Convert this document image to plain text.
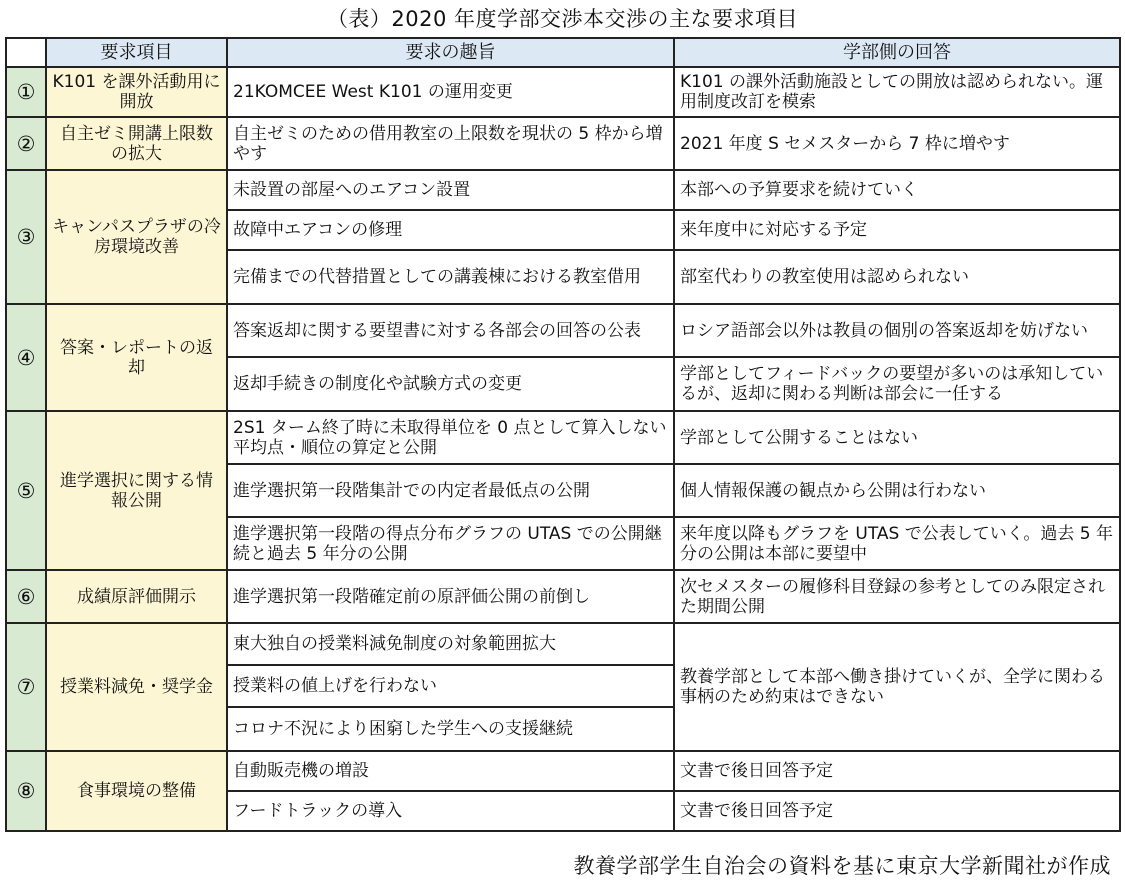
（表）2020 年度学部交渉本交渉の主な要求項目
	要求項目	要求の趣旨	学部側の回答
①	K101 を課外活動用に開放	21KOMCEE West K101 の運用変更	K101 の課外活動施設としての開放は認められない。運用制度改訂を模索
②	自主ゼミ開講上限数の拡大	自主ゼミのための借用教室の上限数を現状の 5 枠から増やす	2021 年度 S セメスターから 7 枠に増やす
③	キャンパスプラザの冷房環境改善	未設置の部屋へのエアコン設置	本部への予算要求を続けていく
		故障中エアコンの修理	来年度中に対応する予定
		完備までの代替措置としての講義棟における教室借用	部室代わりの教室使用は認められない
④	答案・レポートの返却	答案返却に関する要望書に対する各部会の回答の公表	ロシア語部会以外は教員の個別の答案返却を妨げない
		返却手続きの制度化や試験方式の変更	学部としてフィードバックの要望が多いのは承知しているが、返却に関わる判断は部会に一任する
⑤	進学選択に関する情報公開	2S1 ターム終了時に未取得単位を 0 点として算入しない平均点・順位の算定と公開	学部として公開することはない
		進学選択第一段階集計での内定者最低点の公開	個人情報保護の観点から公開は行わない
		進学選択第一段階の得点分布グラフの UTAS での公開継続と過去 5 年分の公開	来年度以降もグラフを UTAS で公表していく。過去 5 年分の公開は本部に要望中
⑥	成績原評価開示	進学選択第一段階確定前の原評価公開の前倒し	次セメスターの履修科目登録の参考としてのみ限定された期間公開
⑦	授業料減免・奨学金	東大独自の授業料減免制度の対象範囲拡大	教養学部として本部へ働き掛けていくが、全学に関わる事柄のため約束はできない
		授業料の値上げを行わない	
		コロナ不況により困窮した学生への支援継続	
⑧	食事環境の整備	自動販売機の増設	文書で後日回答予定
		フードトラックの導入	文書で後日回答予定
教養学部学生自治会の資料を基に東京大学新聞社が作成
